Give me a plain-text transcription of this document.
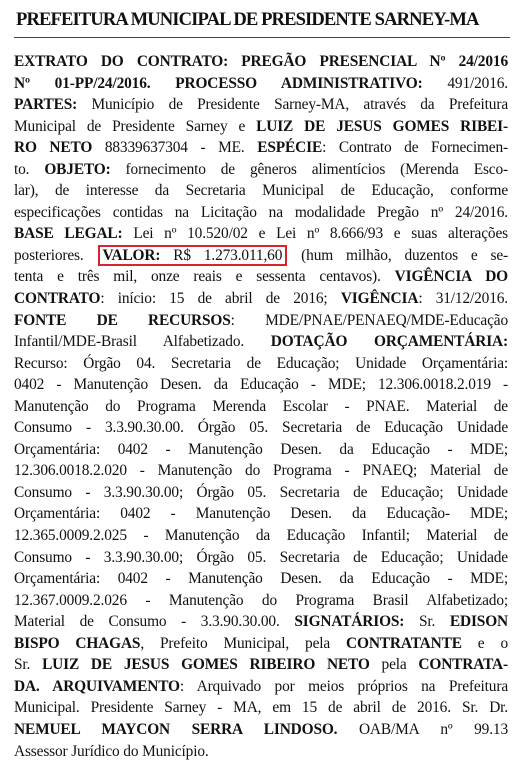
PREFEITURA MUNICIPAL DE PRESIDENTE SARNEY-MA
EXTRATO DO CONTRATO: PREGÃO PRESENCIAL Nº 24/2016
Nº 01-PP/24/2016. PROCESSO ADMINISTRATIVO: 491/2016.
PARTES: Município de Presidente Sarney-MA, através da Prefeitura
Municipal de Presidente Sarney e LUIZ DE JESUS GOMES RIBEI-
RO NETO 88339637304 - ME. ESPÉCIE: Contrato de Fornecimen-
to. OBJETO: fornecimento de gêneros alimentícios (Merenda Esco-
lar), de interesse da Secretaria Municipal de Educação, conforme
especificações contidas na Licitação na modalidade Pregão nº 24/2016.
BASE LEGAL: Lei nº 10.520/02 e Lei nº 8.666/93 e suas alterações
posteriores. VALOR: R$ 1.273.011,60 (hum milhão, duzentos e se-
tenta e três mil, onze reais e sessenta centavos). VIGÊNCIA DO
CONTRATO: início: 15 de abril de 2016; VIGÊNCIA: 31/12/2016.
FONTE DE RECURSOS: MDE/PNAE/PENAEQ/MDE-Educação
Infantil/MDE-Brasil Alfabetizado. DOTAÇÃO ORÇAMENTÁRIA:
Recurso: Órgão 04. Secretaria de Educação; Unidade Orçamentária:
0402 - Manutenção Desen. da Educação - MDE; 12.306.0018.2.019 -
Manutenção do Programa Merenda Escolar - PNAE. Material de
Consumo - 3.3.90.30.00. Órgão 05. Secretaria de Educação Unidade
Orçamentária: 0402 - Manutenção Desen. da Educação - MDE;
12.306.0018.2.020 - Manutenção do Programa - PNAEQ; Material de
Consumo - 3.3.90.30.00; Órgão 05. Secretaria de Educação; Unidade
Orçamentária: 0402 - Manutenção Desen. da Educação- MDE;
12.365.0009.2.025 - Manutenção da Educação Infantil; Material de
Consumo - 3.3.90.30.00; Órgão 05. Secretaria de Educação; Unidade
Orçamentária: 0402 - Manutenção Desen. da Educação - MDE;
12.367.0009.2.026 - Manutenção do Programa Brasil Alfabetizado;
Material de Consumo - 3.3.90.30.00. SIGNATÁRIOS: Sr. EDISON
BISPO CHAGAS, Prefeito Municipal, pela CONTRATANTE e o
Sr. LUIZ DE JESUS GOMES RIBEIRO NETO pela CONTRATA-
DA. ARQUIVAMENTO: Arquivado por meios próprios na Prefeitura
Municipal. Presidente Sarney - MA, em 15 de abril de 2016. Sr. Dr.
NEMUEL MAYCON SERRA LINDOSO. OAB/MA nº 99.13
Assessor Jurídico do Município.
